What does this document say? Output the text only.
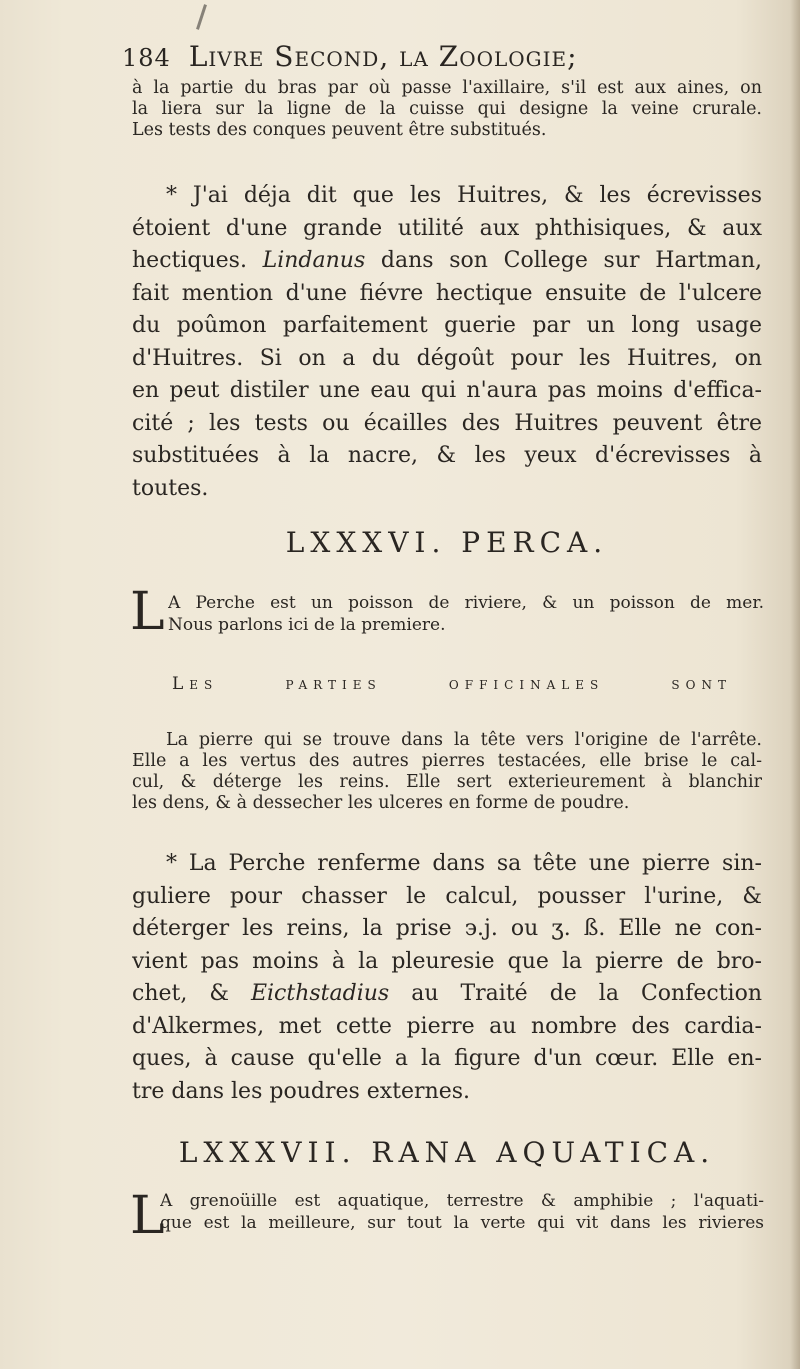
184 Livre Second, la Zoologie;
à la partie du bras par où passe l'axillaire, s'il est aux aines, on
la liera sur la ligne de la cuisse qui designe la veine crurale.
Les tests des conques peuvent être substitués.
* J'ai déja dit que les Huitres, & les écrevisses
étoient d'une grande utilité aux phthisiques, & aux
hectiques. Lindanus dans son College sur Hartman,
fait mention d'une fiévre hectique ensuite de l'ulcere
du poûmon parfaitement guerie par un long usage
d'Huitres. Si on a du dégoût pour les Huitres, on
en peut distiler une eau qui n'aura pas moins d'effica-
cité ; les tests ou écailles des Huitres peuvent être
substituées à la nacre, & les yeux d'écrevisses à
toutes.
LXXXVI. PERCA.
L A Perche est un poisson de riviere, & un poisson de mer.
Nous parlons ici de la premiere.
Les parties officinales sont
La pierre qui se trouve dans la tête vers l'origine de l'arrête.
Elle a les vertus des autres pierres testacées, elle brise le cal-
cul, & déterge les reins. Elle sert exterieurement à blanchir
les dens, & à dessecher les ulceres en forme de poudre.
* La Perche renferme dans sa tête une pierre sin-
guliere pour chasser le calcul, pousser l'urine, &
déterger les reins, la prise ϶.j. ou ʒ. ß. Elle ne con-
vient pas moins à la pleuresie que la pierre de bro-
chet, & Eicthstadius au Traité de la Confection
d'Alkermes, met cette pierre au nombre des cardia-
ques, à cause qu'elle a la figure d'un cœur. Elle en-
tre dans les poudres externes.
LXXXVII. RANA AQUATICA.
L
A grenoüille est aquatique, terrestre & amphibie ; l'aquati-
que est la meilleure, sur tout la verte qui vit dans les rivieres
